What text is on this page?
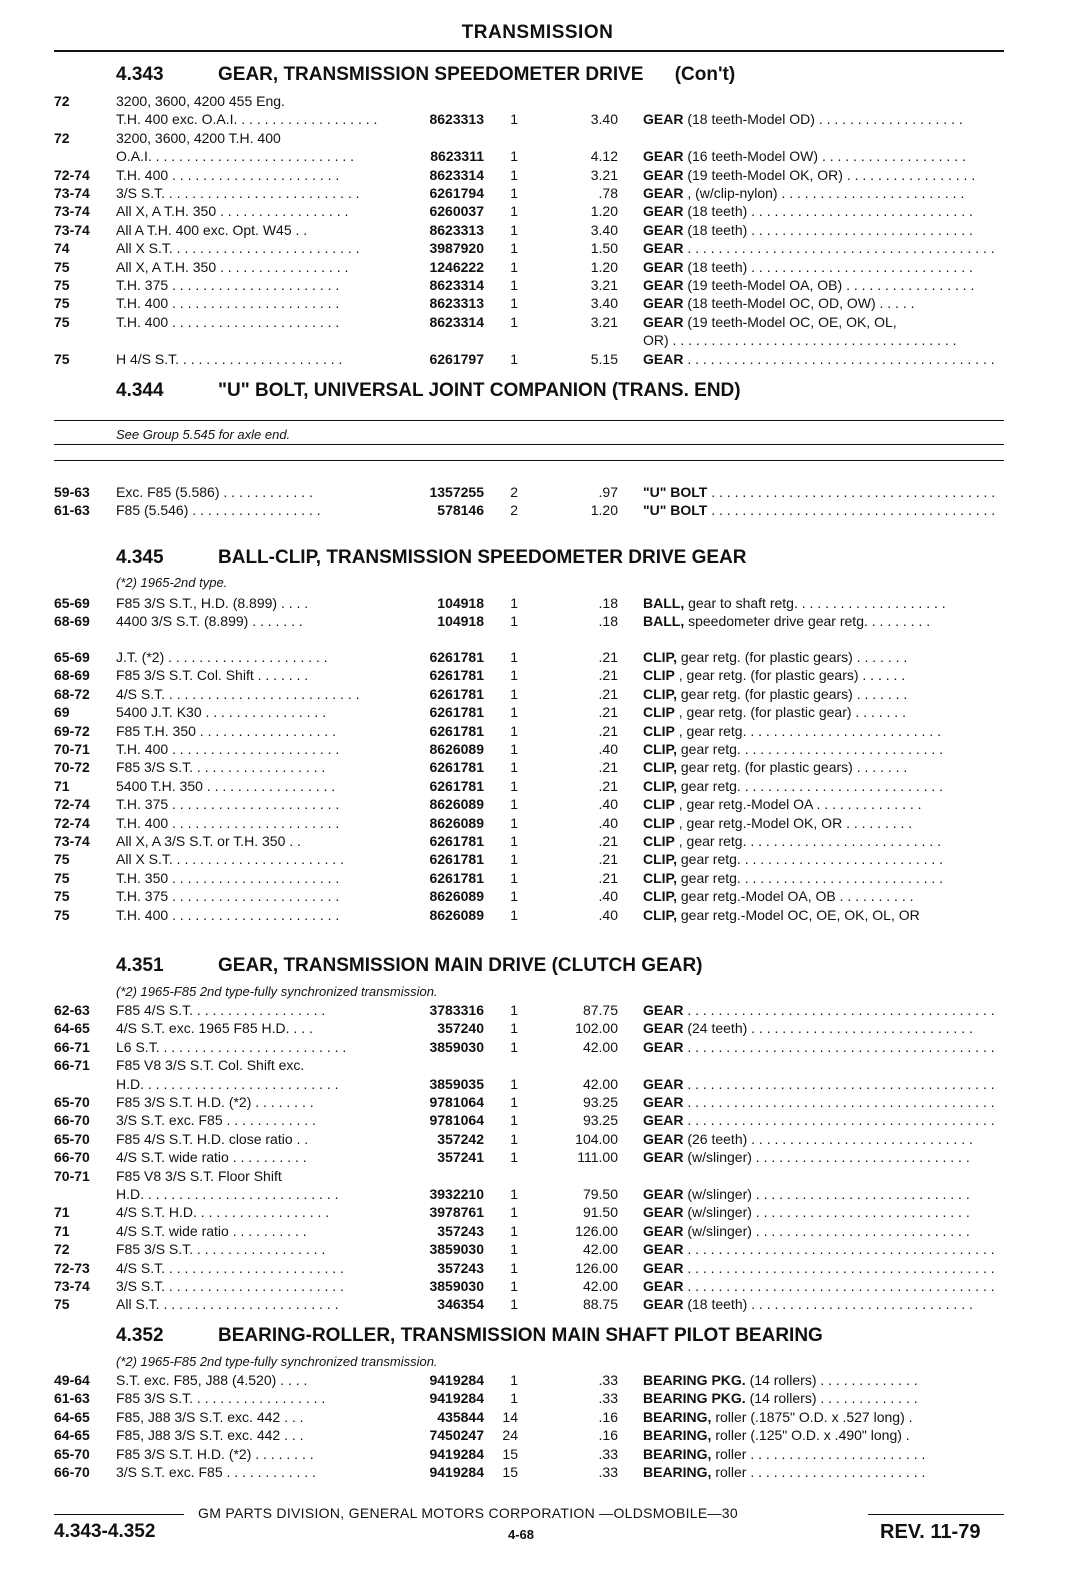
TRANSMISSION
4.343	GEAR, TRANSMISSION SPEEDOMETER DRIVE (Con't)
72	3200, 3600, 4200 455 Eng.
T.H. 400 exc. O.A.I. . . . . . . . . . . . . . . . . . .	8623313	1	3.40 GEAR (18 teeth-Model OD) . . . . . . . . . . . . . . . . . . .
72	3200, 3600, 4200 T.H. 400
O.A.I. . . . . . . . . . . . . . . . . . . . . . . . . . .	8623311	1	4.12 GEAR (16 teeth-Model OW) . . . . . . . . . . . . . . . . . . .
72-74 T.H. 400 . . . . . . . . . . . . . . . . . . . . . .	8623314	1	3.21 GEAR (19 teeth-Model OK, OR) . . . . . . . . . . . . . . . . .
73-74 3/S S.T. . . . . . . . . . . . . . . . . . . . . . . . . .	6261794	1	.78 GEAR , (w/clip-nylon) . . . . . . . . . . . . . . . . . . . . . . . .
73-74 All X, A T.H. 350 . . . . . . . . . . . . . . . . .	6260037	1	1.20 GEAR (18 teeth) . . . . . . . . . . . . . . . . . . . . . . . . . . . . .
73-74 All A T.H. 400 exc. Opt. W45 . .	8623313	1	3.40 GEAR (18 teeth) . . . . . . . . . . . . . . . . . . . . . . . . . . . . .
74	All X S.T. . . . . . . . . . . . . . . . . . . . . . . . .	3987920	1	1.50 GEAR . . . . . . . . . . . . . . . . . . . . . . . . . . . . . . . . . . . . . . . .
75	All X, A T.H. 350 . . . . . . . . . . . . . . . . .	1246222	1	1.20 GEAR (18 teeth) . . . . . . . . . . . . . . . . . . . . . . . . . . . . .
75	T.H. 375 . . . . . . . . . . . . . . . . . . . . . .	8623314	1	3.21 GEAR (19 teeth-Model OA, OB) . . . . . . . . . . . . . . . . .
75	T.H. 400 . . . . . . . . . . . . . . . . . . . . . .	8623313	1	3.40 GEAR (18 teeth-Model OC, OD, OW) . . . . .
75	T.H. 400 . . . . . . . . . . . . . . . . . . . . . .	8623314	1	3.21 GEAR (19 teeth-Model OC, OE, OK, OL,
OR) . . . . . . . . . . . . . . . . . . . . . . . . . . . . . . . . . . . . .
75	H 4/S S.T. . . . . . . . . . . . . . . . . . . . . .	6261797	1	5.15 GEAR . . . . . . . . . . . . . . . . . . . . . . . . . . . . . . . . . . . . . . . .
4.344	"U" BOLT, UNIVERSAL JOINT COMPANION (TRANS. END)
See Group 5.545 for axle end.
59-63 Exc. F85 (5.586) . . . . . . . . . . . .	1357255	2	.97 "U" BOLT . . . . . . . . . . . . . . . . . . . . . . . . . . . . . . . . . . . . .
61-63 F85 (5.546) . . . . . . . . . . . . . . . . .	578146	2	1.20 "U" BOLT . . . . . . . . . . . . . . . . . . . . . . . . . . . . . . . . . . . . .
4.345	BALL-CLIP, TRANSMISSION SPEEDOMETER DRIVE GEAR
(*2) 1965-2nd type.
65-69 F85 3/S S.T., H.D. (8.899) . . . .	104918	1	.18 BALL, gear to shaft retg. . . . . . . . . . . . . . . . . . . .
68-69 4400 3/S S.T. (8.899) . . . . . . .	104918	1	.18 BALL, speedometer drive gear retg. . . . . . . . .
65-69 J.T. (*2) . . . . . . . . . . . . . . . . . . . . .	6261781	1	.21 CLIP, gear retg. (for plastic gears) . . . . . . .
68-69 F85 3/S S.T. Col. Shift . . . . . . .	6261781	1	.21 CLIP , gear retg. (for plastic gears) . . . . . .
68-72 4/S S.T. . . . . . . . . . . . . . . . . . . . . . . . . .	6261781	1	.21 CLIP, gear retg. (for plastic gears) . . . . . . .
69	5400 J.T. K30 . . . . . . . . . . . . . . . .	6261781	1	.21 CLIP , gear retg. (for plastic gear) . . . . . . .
69-72 F85 T.H. 350 . . . . . . . . . . . . . . . . . .	6261781	1	.21 CLIP , gear retg. . . . . . . . . . . . . . . . . . . . . . . . . .
70-71 T.H. 400 . . . . . . . . . . . . . . . . . . . . . .	8626089	1	.40 CLIP, gear retg. . . . . . . . . . . . . . . . . . . . . . . . . . .
70-72 F85 3/S S.T. . . . . . . . . . . . . . . . . .	6261781	1	.21 CLIP, gear retg. (for plastic gears) . . . . . . .
71	5400 T.H. 350 . . . . . . . . . . . . . . . . .	6261781	1	.21 CLIP, gear retg. . . . . . . . . . . . . . . . . . . . . . . . . . .
72-74 T.H. 375 . . . . . . . . . . . . . . . . . . . . . .	8626089	1	.40 CLIP , gear retg.-Model OA . . . . . . . . . . . . . .
72-74 T.H. 400 . . . . . . . . . . . . . . . . . . . . . .	8626089	1	.40 CLIP , gear retg.-Model OK, OR . . . . . . . . .
73-74 All X, A 3/S S.T. or T.H. 350 . .	6261781	1	.21 CLIP , gear retg. . . . . . . . . . . . . . . . . . . . . . . . . .
75	All X S.T. . . . . . . . . . . . . . . . . . . . . . .	6261781	1	.21 CLIP, gear retg. . . . . . . . . . . . . . . . . . . . . . . . . . .
75	T.H. 350 . . . . . . . . . . . . . . . . . . . . . .	6261781	1	.21 CLIP, gear retg. . . . . . . . . . . . . . . . . . . . . . . . . . .
75	T.H. 375 . . . . . . . . . . . . . . . . . . . . . .	8626089	1	.40 CLIP, gear retg.-Model OA, OB . . . . . . . . . .
75	T.H. 400 . . . . . . . . . . . . . . . . . . . . . .	8626089	1	.40 CLIP, gear retg.-Model OC, OE, OK, OL, OR
4.351	GEAR, TRANSMISSION MAIN DRIVE (CLUTCH GEAR)
(*2) 1965-F85 2nd type-fully synchronized transmission.
62-63 F85 4/S S.T. . . . . . . . . . . . . . . . . .	3783316	1	87.75 GEAR . . . . . . . . . . . . . . . . . . . . . . . . . . . . . . . . . . . . . . . .
64-65 4/S S.T. exc. 1965 F85 H.D. . . .	357240	1	102.00 GEAR (24 teeth) . . . . . . . . . . . . . . . . . . . . . . . . . . . . .
66-71 L6 S.T. . . . . . . . . . . . . . . . . . . . . . . . .	3859030	1	42.00 GEAR . . . . . . . . . . . . . . . . . . . . . . . . . . . . . . . . . . . . . . . .
66-71 F85 V8 3/S S.T. Col. Shift exc.
H.D. . . . . . . . . . . . . . . . . . . . . . . . . .	3859035	1	42.00 GEAR . . . . . . . . . . . . . . . . . . . . . . . . . . . . . . . . . . . . . . . .
65-70 F85 3/S S.T. H.D. (*2) . . . . . . . .	9781064	1	93.25 GEAR . . . . . . . . . . . . . . . . . . . . . . . . . . . . . . . . . . . . . . . .
66-70 3/S S.T. exc. F85 . . . . . . . . . . . .	9781064	1	93.25 GEAR . . . . . . . . . . . . . . . . . . . . . . . . . . . . . . . . . . . . . . . .
65-70 F85 4/S S.T. H.D. close ratio . .	357242	1	104.00 GEAR (26 teeth) . . . . . . . . . . . . . . . . . . . . . . . . . . . . .
66-70 4/S S.T. wide ratio . . . . . . . . . .	357241	1	111.00 GEAR (w/slinger) . . . . . . . . . . . . . . . . . . . . . . . . . . . .
70-71 F85 V8 3/S S.T. Floor Shift
H.D. . . . . . . . . . . . . . . . . . . . . . . . . .	3932210	1	79.50 GEAR (w/slinger) . . . . . . . . . . . . . . . . . . . . . . . . . . . .
71	4/S S.T. H.D. . . . . . . . . . . . . . . . . .	3978761	1	91.50 GEAR (w/slinger) . . . . . . . . . . . . . . . . . . . . . . . . . . . .
71	4/S S.T. wide ratio . . . . . . . . . .	357243	1	126.00 GEAR (w/slinger) . . . . . . . . . . . . . . . . . . . . . . . . . . . .
72	F85 3/S S.T. . . . . . . . . . . . . . . . . .	3859030	1	42.00 GEAR . . . . . . . . . . . . . . . . . . . . . . . . . . . . . . . . . . . . . . . .
72-73 4/S S.T. . . . . . . . . . . . . . . . . . . . . . . .	357243	1	126.00 GEAR . . . . . . . . . . . . . . . . . . . . . . . . . . . . . . . . . . . . . . . .
73-74 3/S S.T. . . . . . . . . . . . . . . . . . . . . . . .	3859030	1	42.00 GEAR . . . . . . . . . . . . . . . . . . . . . . . . . . . . . . . . . . . . . . . .
75	All S.T. . . . . . . . . . . . . . . . . . . . . . . .	346354	1	88.75 GEAR (18 teeth) . . . . . . . . . . . . . . . . . . . . . . . . . . . . .
4.352	BEARING-ROLLER, TRANSMISSION MAIN SHAFT PILOT BEARING
(*2) 1965-F85 2nd type-fully synchronized transmission.
49-64 S.T. exc. F85, J88 (4.520) . . . .	9419284	1	.33 BEARING PKG. (14 rollers) . . . . . . . . . . . . .
61-63 F85 3/S S.T. . . . . . . . . . . . . . . . . .	9419284	1	.33 BEARING PKG. (14 rollers) . . . . . . . . . . . . .
64-65 F85, J88 3/S S.T. exc. 442 . . .	435844	14	.16 BEARING, roller (.1875" O.D. x .527 long) .
64-65 F85, J88 3/S S.T. exc. 442 . . .	7450247	24	.16 BEARING, roller (.125" O.D. x .490" long) .
65-70 F85 3/S S.T. H.D. (*2) . . . . . . . .	9419284	15	.33 BEARING, roller . . . . . . . . . . . . . . . . . . . . . . .
66-70 3/S S.T. exc. F85 . . . . . . . . . . . .	9419284	15	.33 BEARING, roller . . . . . . . . . . . . . . . . . . . . . . .
GM PARTS DIVISION, GENERAL MOTORS CORPORATION —OLDSMOBILE—30
4.343-4.352	4-68	REV. 11-79
